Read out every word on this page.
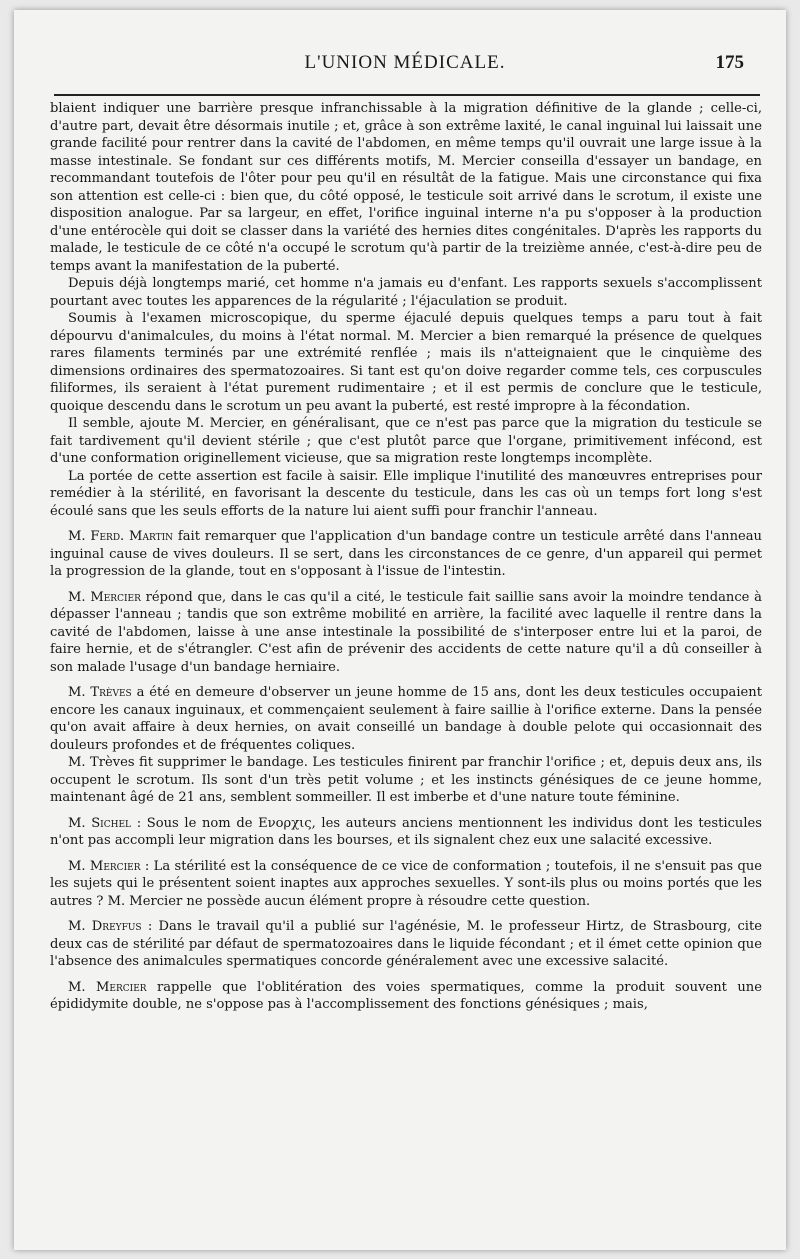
L'UNION MÉDICALE.	175

blaient indiquer une barrière presque infranchissable à la migration définitive de la glande ; celle-ci, d'autre part, devait être désormais inutile ; et, grâce à son extrême laxité, le canal inguinal lui laissait une grande facilité pour rentrer dans la cavité de l'abdomen, en même temps qu'il ouvrait une large issue à la masse intestinale. Se fondant sur ces différents motifs, M. Mercier conseilla d'essayer un bandage, en recommandant toutefois de l'ôter pour peu qu'il en résultât de la fatigue. Mais une circonstance qui fixa son attention est celle-ci : bien que, du côté opposé, le testicule soit arrivé dans le scrotum, il existe une disposition analogue. Par sa largeur, en effet, l'orifice inguinal interne n'a pu s'opposer à la production d'une entérocèle qui doit se classer dans la variété des hernies dites congénitales. D'après les rapports du malade, le testicule de ce côté n'a occupé le scrotum qu'à partir de la treizième année, c'est-à-dire peu de temps avant la manifestation de la puberté.

Depuis déjà longtemps marié, cet homme n'a jamais eu d'enfant. Les rapports sexuels s'accomplissent pourtant avec toutes les apparences de la régularité ; l'éjaculation se produit.

Soumis à l'examen microscopique, du sperme éjaculé depuis quelques temps a paru tout à fait dépourvu d'animalcules, du moins à l'état normal. M. Mercier a bien remarqué la présence de quelques rares filaments terminés par une extrémité renflée ; mais ils n'atteignaient que le cinquième des dimensions ordinaires des spermatozoaires. Si tant est qu'on doive regarder comme tels, ces corpuscules filiformes, ils seraient à l'état purement rudimentaire ; et il est permis de conclure que le testicule, quoique descendu dans le scrotum un peu avant la puberté, est resté impropre à la fécondation.

Il semble, ajoute M. Mercier, en généralisant, que ce n'est pas parce que la migration du testicule se fait tardivement qu'il devient stérile ; que c'est plutôt parce que l'organe, primitivement infécond, est d'une conformation originellement vicieuse, que sa migration reste longtemps incomplète.

La portée de cette assertion est facile à saisir. Elle implique l'inutilité des manœuvres entreprises pour remédier à la stérilité, en favorisant la descente du testicule, dans les cas où un temps fort long s'est écoulé sans que les seuls efforts de la nature lui aient suffi pour franchir l'anneau.

M. Ferd. Martin fait remarquer que l'application d'un bandage contre un testicule arrêté dans l'anneau inguinal cause de vives douleurs. Il se sert, dans les circonstances de ce genre, d'un appareil qui permet la progression de la glande, tout en s'opposant à l'issue de l'intestin.

M. Mercier répond que, dans le cas qu'il a cité, le testicule fait saillie sans avoir la moindre tendance à dépasser l'anneau ; tandis que son extrême mobilité en arrière, la facilité avec laquelle il rentre dans la cavité de l'abdomen, laisse à une anse intestinale la possibilité de s'interposer entre lui et la paroi, de faire hernie, et de s'étrangler. C'est afin de prévenir des accidents de cette nature qu'il a dû conseiller à son malade l'usage d'un bandage herniaire.

M. Trèves a été en demeure d'observer un jeune homme de 15 ans, dont les deux testicules occupaient encore les canaux inguinaux, et commençaient seulement à faire saillie à l'orifice externe. Dans la pensée qu'on avait affaire à deux hernies, on avait conseillé un bandage à double pelote qui occasionnait des douleurs profondes et de fréquentes coliques.

M. Trèves fit supprimer le bandage. Les testicules finirent par franchir l'orifice ; et, depuis deux ans, ils occupent le scrotum. Ils sont d'un très petit volume ; et les instincts génésiques de ce jeune homme, maintenant âgé de 21 ans, semblent sommeiller. Il est imberbe et d'une nature toute féminine.

M. Sichel : Sous le nom de Ενορχις, les auteurs anciens mentionnent les individus dont les testicules n'ont pas accompli leur migration dans les bourses, et ils signalent chez eux une salacité excessive.

M. Mercier : La stérilité est la conséquence de ce vice de conformation ; toutefois, il ne s'ensuit pas que les sujets qui le présentent soient inaptes aux approches sexuelles. Y sont-ils plus ou moins portés que les autres ? M. Mercier ne possède aucun élément propre à résoudre cette question.

M. Dreyfus : Dans le travail qu'il a publié sur l'agénésie, M. le professeur Hirtz, de Strasbourg, cite deux cas de stérilité par défaut de spermatozoaires dans le liquide fécondant ; et il émet cette opinion que l'absence des animalcules spermatiques concorde généralement avec une excessive salacité.

M. Mercier rappelle que l'oblitération des voies spermatiques, comme la produit souvent une épididymite double, ne s'oppose pas à l'accomplissement des fonctions génésiques ; mais,
